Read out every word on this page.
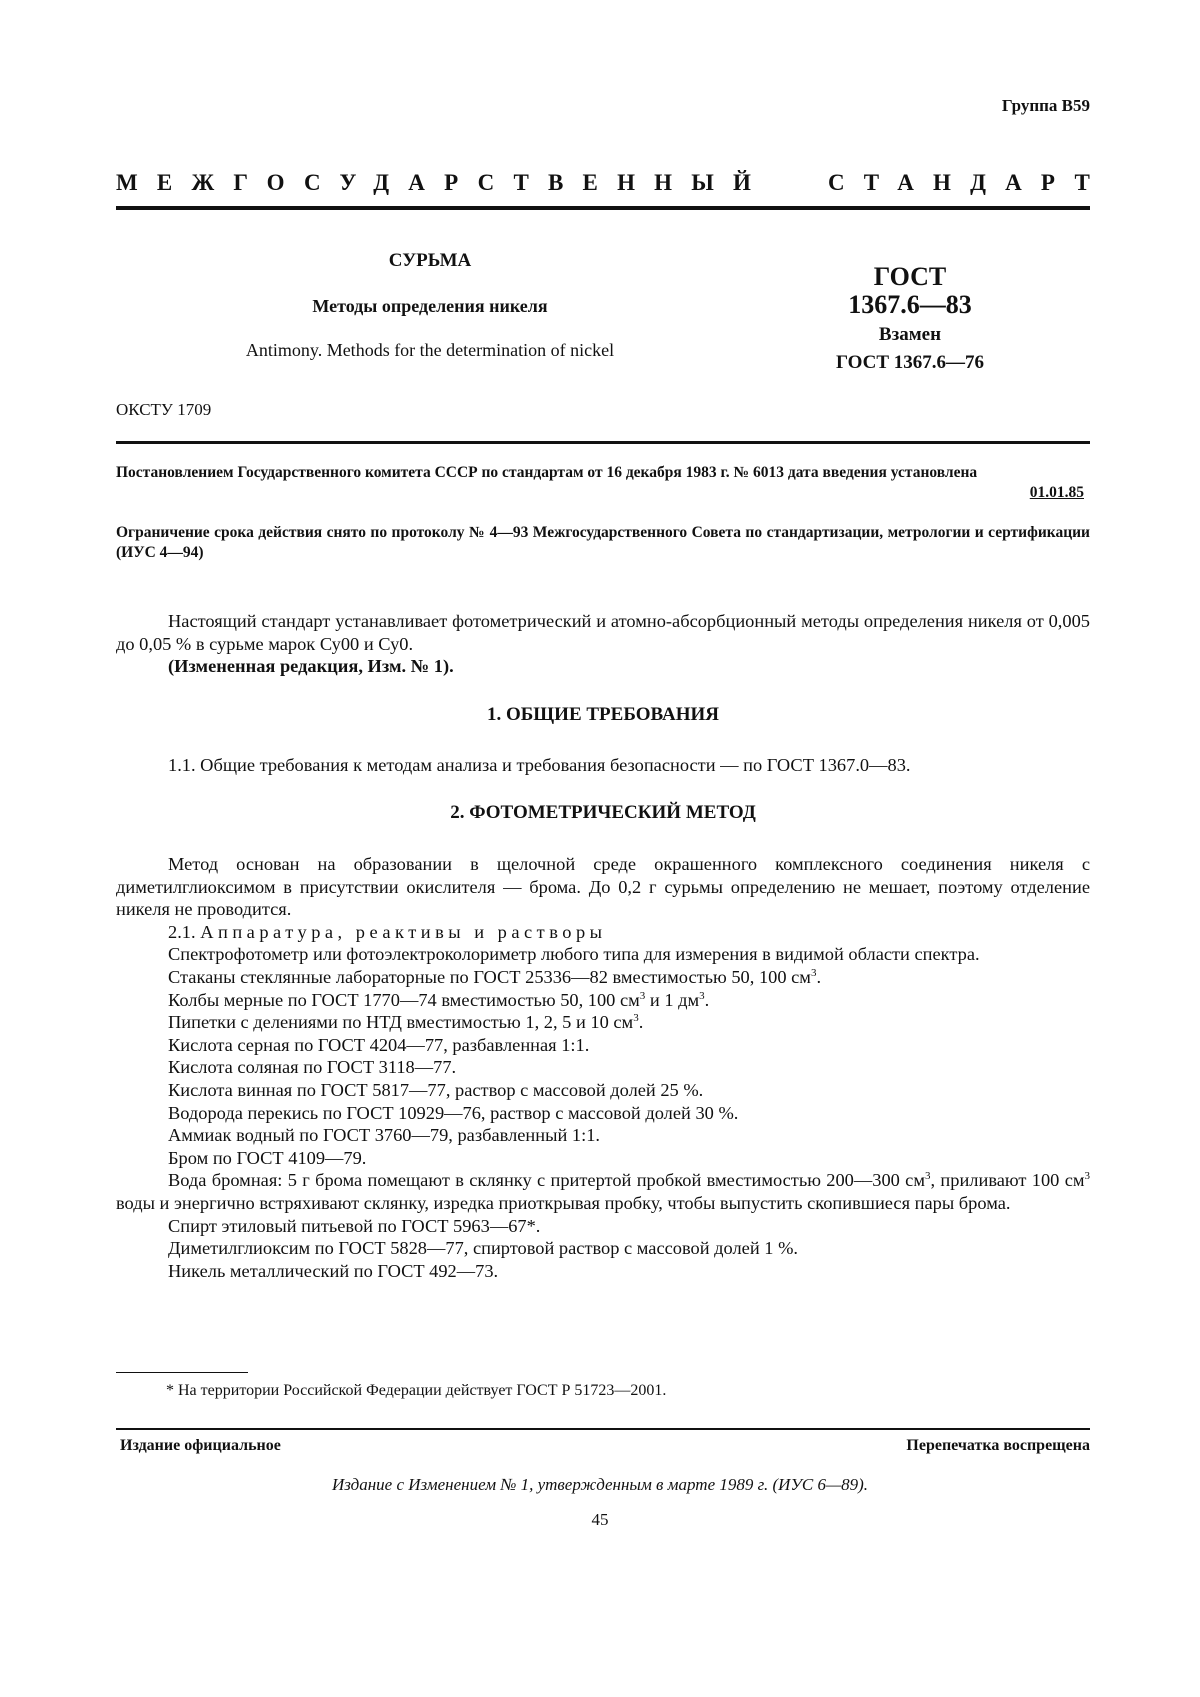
Группа В59
МЕЖГОСУДАРСТВЕННЫЙ	СТАНДАРТ
СУРЬМА
Методы определения никеля
Antimony. Methods for the determination of nickel
ГОСТ
1367.6—83
Взамен
ГОСТ 1367.6—76
ОКСТУ 1709
Постановлением Государственного комитета СССР по стандартам от 16 декабря 1983 г. № 6013 дата введения установлена
01.01.85
Ограничение срока действия снято по протоколу № 4—93 Межгосударственного Совета по стандартизации, метрологии и сертификации (ИУС 4—94)

Настоящий стандарт устанавливает фотометрический и атомно-абсорбционный методы определения никеля от 0,005 до 0,05 % в сурьме марок Су00 и Су0.

(Измененная редакция, Изм. № 1).

1. ОБЩИЕ ТРЕБОВАНИЯ

1.1. Общие требования к методам анализа и требования безопасности — по ГОСТ 1367.0—83.

2. ФОТОМЕТРИЧЕСКИЙ МЕТОД

Метод основан на образовании в щелочной среде окрашенного комплексного соединения никеля с диметилглиоксимом в присутствии окислителя — брома. До 0,2 г сурьмы определению не мешает, поэтому отделение никеля не проводится.

2.1. Аппаратура, реактивы и растворы

Спектрофотометр или фотоэлектроколориметр любого типа для измерения в видимой области спектра.

Стаканы стеклянные лабораторные по ГОСТ 25336—82 вместимостью 50, 100 $см^3$.

Колбы мерные по ГОСТ 1770—74 вместимостью 50, 100 $см^3$ и 1 $дм^3$.

Пипетки с делениями по НТД вместимостью 1, 2, 5 и 10 $см^3$.

Кислота серная по ГОСТ 4204—77, разбавленная 1:1.

Кислота соляная по ГОСТ 3118—77.

Кислота винная по ГОСТ 5817—77, раствор с массовой долей 25 %.

Водорода перекись по ГОСТ 10929—76, раствор с массовой долей 30 %.

Аммиак водный по ГОСТ 3760—79, разбавленный 1:1.

Бром по ГОСТ 4109—79.

Вода бромная: 5 г брома помещают в склянку с притертой пробкой вместимостью 200—300 $см^3$, приливают 100 $см^3$ воды и энергично встряхивают склянку, изредка приоткрывая пробку, чтобы выпустить скопившиеся пары брома.

Спирт этиловый питьевой по ГОСТ 5963—67*.

Диметилглиоксим по ГОСТ 5828—77, спиртовой раствор с массовой долей 1 %.

Никель металлический по ГОСТ 492—73.

* На территории Российской Федерации действует ГОСТ Р 51723—2001.
Издание официальное	Перепечатка воспрещена
Издание с Изменением № 1, утвержденным в марте 1989 г. (ИУС 6—89).
45
